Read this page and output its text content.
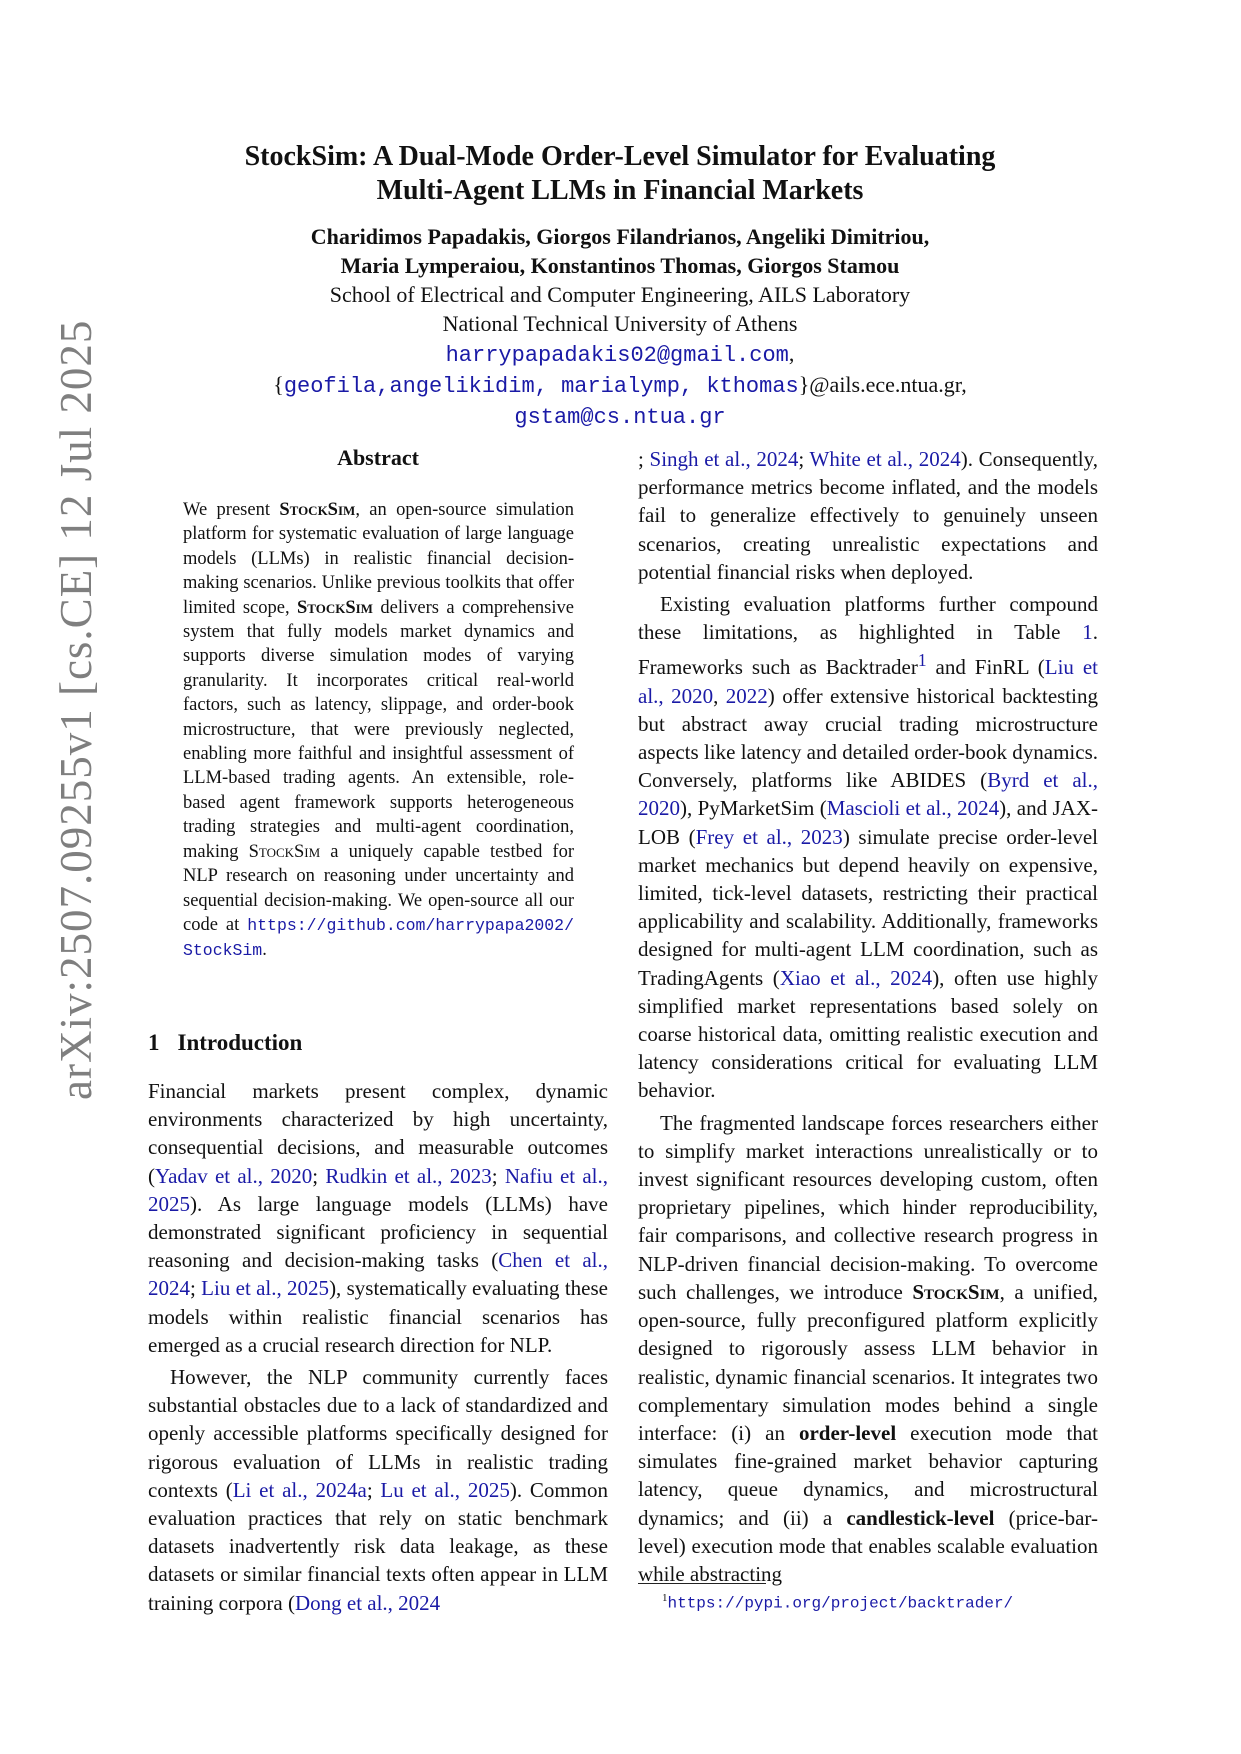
arXiv:2507.09255v1 [cs.CE] 12 Jul 2025
StockSim: A Dual-Mode Order-Level Simulator for Evaluating
Multi-Agent LLMs in Financial Markets
Charidimos Papadakis, Giorgos Filandrianos, Angeliki Dimitriou,
Maria Lymperaiou, Konstantinos Thomas, Giorgos Stamou
School of Electrical and Computer Engineering, AILS Laboratory
National Technical University of Athens
harrypapadakis02@gmail.com,
{geofila,angelikidim, marialymp, kthomas}@ails.ece.ntua.gr,
gstam@cs.ntua.gr
Abstract

We present StockSim, an open-source simulation platform for systematic evaluation of large language models (LLMs) in realistic financial decision-making scenarios. Unlike previous toolkits that offer limited scope, StockSim delivers a comprehensive system that fully models market dynamics and supports diverse simulation modes of varying granularity. It incorporates critical real-world factors, such as latency, slippage, and order-book microstructure, that were previously neglected, enabling more faithful and insightful assessment of LLM-based trading agents. An extensible, role-based agent framework supports heterogeneous trading strategies and multi-agent coordination, making StockSim a uniquely capable testbed for NLP research on reasoning under uncertainty and sequential decision-making. We open-source all our code at https://github.com/harrypapa2002/StockSim.

1 Introduction

Financial markets present complex, dynamic environments characterized by high uncertainty, consequential decisions, and measurable outcomes (Yadav et al., 2020; Rudkin et al., 2023; Nafiu et al., 2025). As large language models (LLMs) have demonstrated significant proficiency in sequential reasoning and decision-making tasks (Chen et al., 2024; Liu et al., 2025), systematically evaluating these models within realistic financial scenarios has emerged as a crucial research direction for NLP.

However, the NLP community currently faces substantial obstacles due to a lack of standardized and openly accessible platforms specifically designed for rigorous evaluation of LLMs in realistic trading contexts (Li et al., 2024a; Lu et al., 2025). Common evaluation practices that rely on static benchmark datasets inadvertently risk data leakage, as these datasets or similar financial texts often appear in LLM training corpora (Dong et al., 2024

; Singh et al., 2024; White et al., 2024). Consequently, performance metrics become inflated, and the models fail to generalize effectively to genuinely unseen scenarios, creating unrealistic expectations and potential financial risks when deployed.

Existing evaluation platforms further compound these limitations, as highlighted in Table 1. Frameworks such as Backtrader$^1$ and FinRL (Liu et al., 2020, 2022) offer extensive historical backtesting but abstract away crucial trading microstructure aspects like latency and detailed order-book dynamics. Conversely, platforms like ABIDES (Byrd et al., 2020), PyMarketSim (Mascioli et al., 2024), and JAX-LOB (Frey et al., 2023) simulate precise order-level market mechanics but depend heavily on expensive, limited, tick-level datasets, restricting their practical applicability and scalability. Additionally, frameworks designed for multi-agent LLM coordination, such as TradingAgents (Xiao et al., 2024), often use highly simplified market representations based solely on coarse historical data, omitting realistic execution and latency considerations critical for evaluating LLM behavior.

The fragmented landscape forces researchers either to simplify market interactions unrealistically or to invest significant resources developing custom, often proprietary pipelines, which hinder reproducibility, fair comparisons, and collective research progress in NLP-driven financial decision-making. To overcome such challenges, we introduce StockSim, a unified, open-source, fully preconfigured platform explicitly designed to rigorously assess LLM behavior in realistic, dynamic financial scenarios. It integrates two complementary simulation modes behind a single interface: (i) an order-level execution mode that simulates fine-grained market behavior capturing latency, queue dynamics, and microstructural dynamics; and (ii) a candlestick-level (price-bar-level) execution mode that enables scalable evaluation while abstracting

$^1$https://pypi.org/project/backtrader/
